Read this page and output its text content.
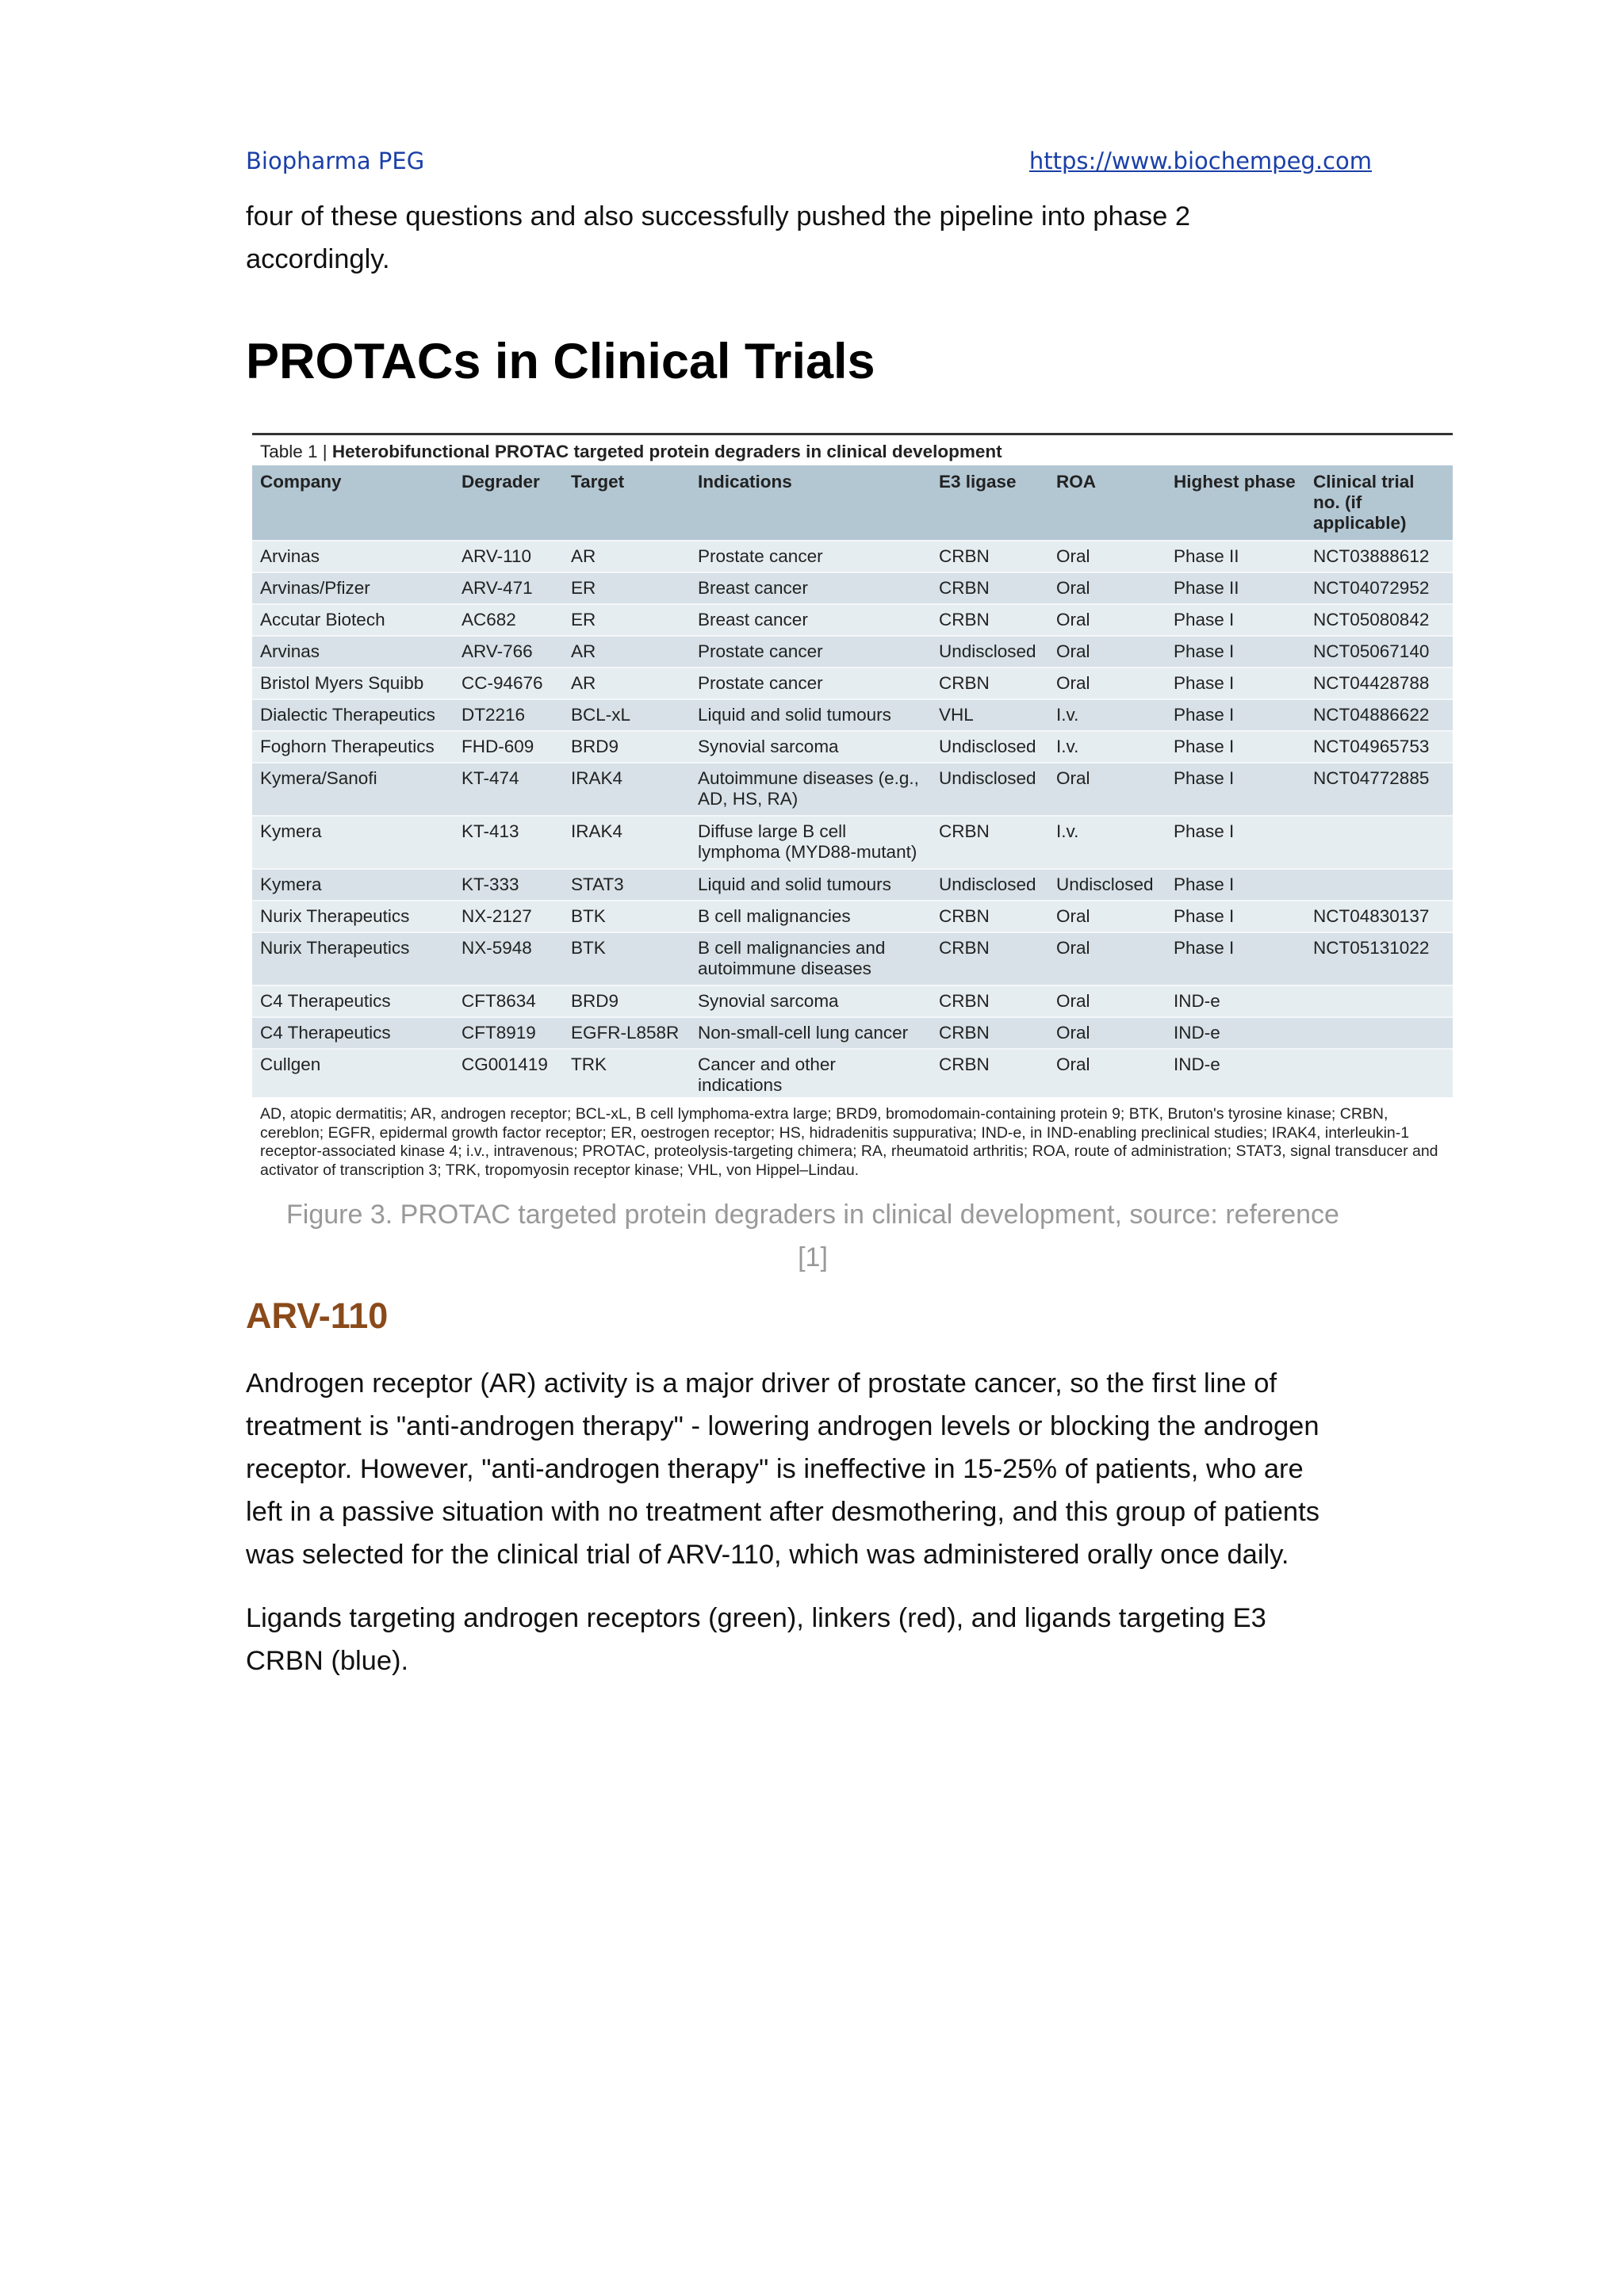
Biopharma PEG	https://www.biochempeg.com
four of these questions and also successfully pushed the pipeline into phase 2
accordingly.
PROTACs in Clinical Trials
Table 1 | Heterobifunctional PROTAC targeted protein degraders in clinical development
Company	Degrader	Target	Indications	E3 ligase	ROA	Highest phase	Clinical trial no. (if applicable)
Arvinas	ARV-110	AR	Prostate cancer	CRBN	Oral	Phase II	NCT03888612
Arvinas/Pfizer	ARV-471	ER	Breast cancer	CRBN	Oral	Phase II	NCT04072952
Accutar Biotech	AC682	ER	Breast cancer	CRBN	Oral	Phase I	NCT05080842
Arvinas	ARV-766	AR	Prostate cancer	Undisclosed	Oral	Phase I	NCT05067140
Bristol Myers Squibb	CC-94676	AR	Prostate cancer	CRBN	Oral	Phase I	NCT04428788
Dialectic Therapeutics	DT2216	BCL-xL	Liquid and solid tumours	VHL	I.v.	Phase I	NCT04886622
Foghorn Therapeutics	FHD-609	BRD9	Synovial sarcoma	Undisclosed	I.v.	Phase I	NCT04965753
Kymera/Sanofi	KT-474	IRAK4	Autoimmune diseases (e.g., AD, HS, RA)	Undisclosed	Oral	Phase I	NCT04772885
Kymera	KT-413	IRAK4	Diffuse large B cell lymphoma (MYD88-mutant)	CRBN	I.v.	Phase I	
Kymera	KT-333	STAT3	Liquid and solid tumours	Undisclosed	Undisclosed	Phase I	
Nurix Therapeutics	NX-2127	BTK	B cell malignancies	CRBN	Oral	Phase I	NCT04830137
Nurix Therapeutics	NX-5948	BTK	B cell malignancies and autoimmune diseases	CRBN	Oral	Phase I	NCT05131022
C4 Therapeutics	CFT8634	BRD9	Synovial sarcoma	CRBN	Oral	IND-e	
C4 Therapeutics	CFT8919	EGFR-L858R	Non-small-cell lung cancer	CRBN	Oral	IND-e	
Cullgen	CG001419	TRK	Cancer and other indications	CRBN	Oral	IND-e	
AD, atopic dermatitis; AR, androgen receptor; BCL-xL, B cell lymphoma-extra large; BRD9, bromodomain-containing protein 9; BTK, Bruton's tyrosine kinase; CRBN, cereblon; EGFR, epidermal growth factor receptor; ER, oestrogen receptor; HS, hidradenitis suppurativa; IND-e, in IND-enabling preclinical studies; IRAK4, interleukin-1 receptor-associated kinase 4; i.v., intravenous; PROTAC, proteolysis-targeting chimera; RA, rheumatoid arthritis; ROA, route of administration; STAT3, signal transducer and activator of transcription 3; TRK, tropomyosin receptor kinase; VHL, von Hippel–Lindau.
Figure 3. PROTAC targeted protein degraders in clinical development, source: reference
[1]
ARV-110
Androgen receptor (AR) activity is a major driver of prostate cancer, so the first line of
treatment is "anti-androgen therapy" - lowering androgen levels or blocking the androgen
receptor. However, "anti-androgen therapy" is ineffective in 15-25% of patients, who are
left in a passive situation with no treatment after desmothering, and this group of patients
was selected for the clinical trial of ARV-110, which was administered orally once daily.
Ligands targeting androgen receptors (green), linkers (red), and ligands targeting E3
CRBN (blue).
